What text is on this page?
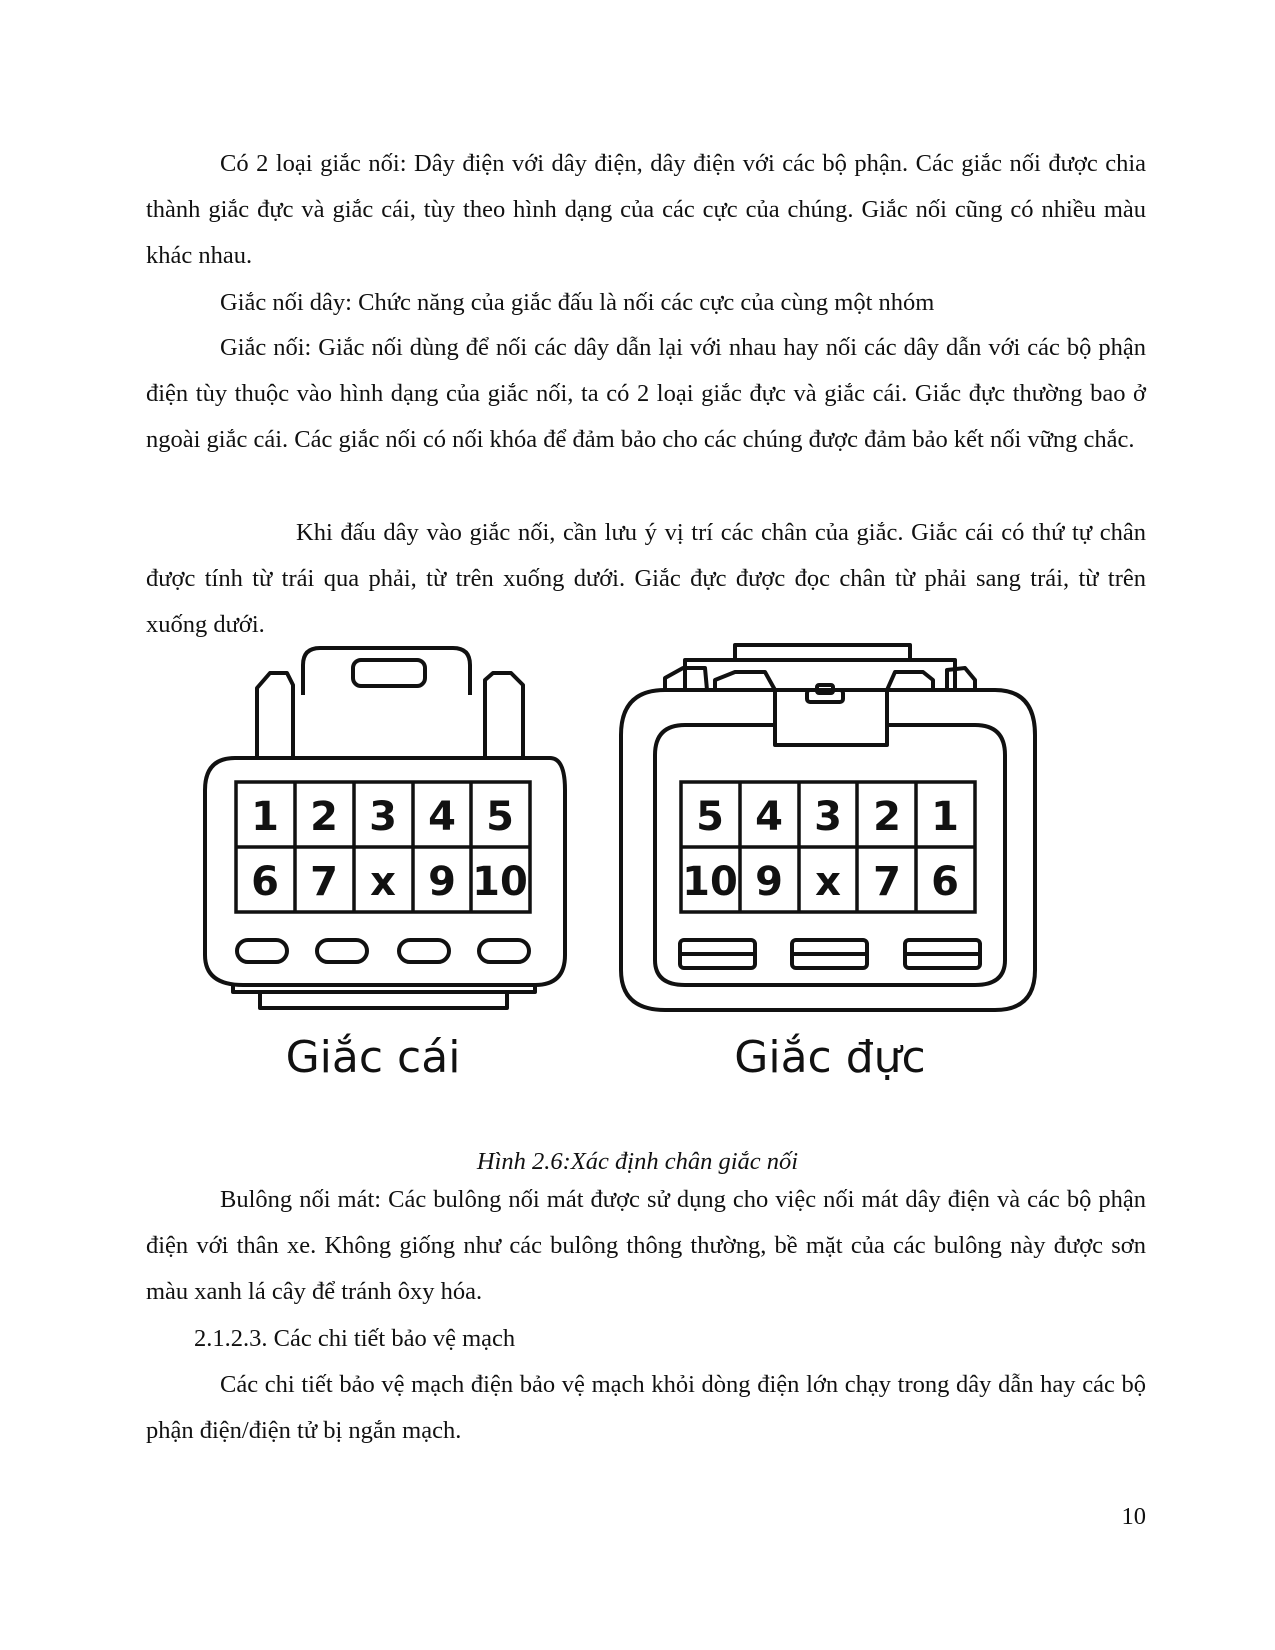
Có 2 loại giắc nối: Dây điện với dây điện, dây điện với các bộ phận. Các giắc nối được chia thành giắc đực và giắc cái, tùy theo hình dạng của các cực của chúng. Giắc nối cũng có nhiều màu khác nhau.

Giắc nối dây: Chức năng của giắc đấu là nối các cực của cùng một nhóm

Giắc nối: Giắc nối dùng để nối các dây dẫn lại với nhau hay nối các dây dẫn với các bộ phận điện tùy thuộc vào hình dạng của giắc nối, ta có 2 loại giắc đực và giắc cái. Giắc đực thường bao ở ngoài giắc cái. Các giắc nối có nối khóa để đảm bảo cho các chúng được đảm bảo kết nối vững chắc.

Khi đấu dây vào giắc nối, cần lưu ý vị trí các chân của giắc. Giắc cái có thứ tự chân được tính từ trái qua phải, từ trên xuống dưới. Giắc đực được đọc chân từ phải sang trái, từ trên xuống dưới.

1 2 3 4 5
6 7 x 9 10
Giắc cái
5 4 3 2 1
10 9 x 7 6
Giắc đực
Hình 2.6:Xác định chân giắc nối

Bulông nối mát: Các bulông nối mát được sử dụng cho việc nối mát dây điện và các bộ phận điện với thân xe. Không giống như các bulông thông thường, bề mặt của các bulông này được sơn màu xanh lá cây để tránh ôxy hóa.

2.1.2.3. Các chi tiết bảo vệ mạch

Các chi tiết bảo vệ mạch điện bảo vệ mạch khỏi dòng điện lớn chạy trong dây dẫn hay các bộ phận điện/điện tử bị ngắn mạch.

10
